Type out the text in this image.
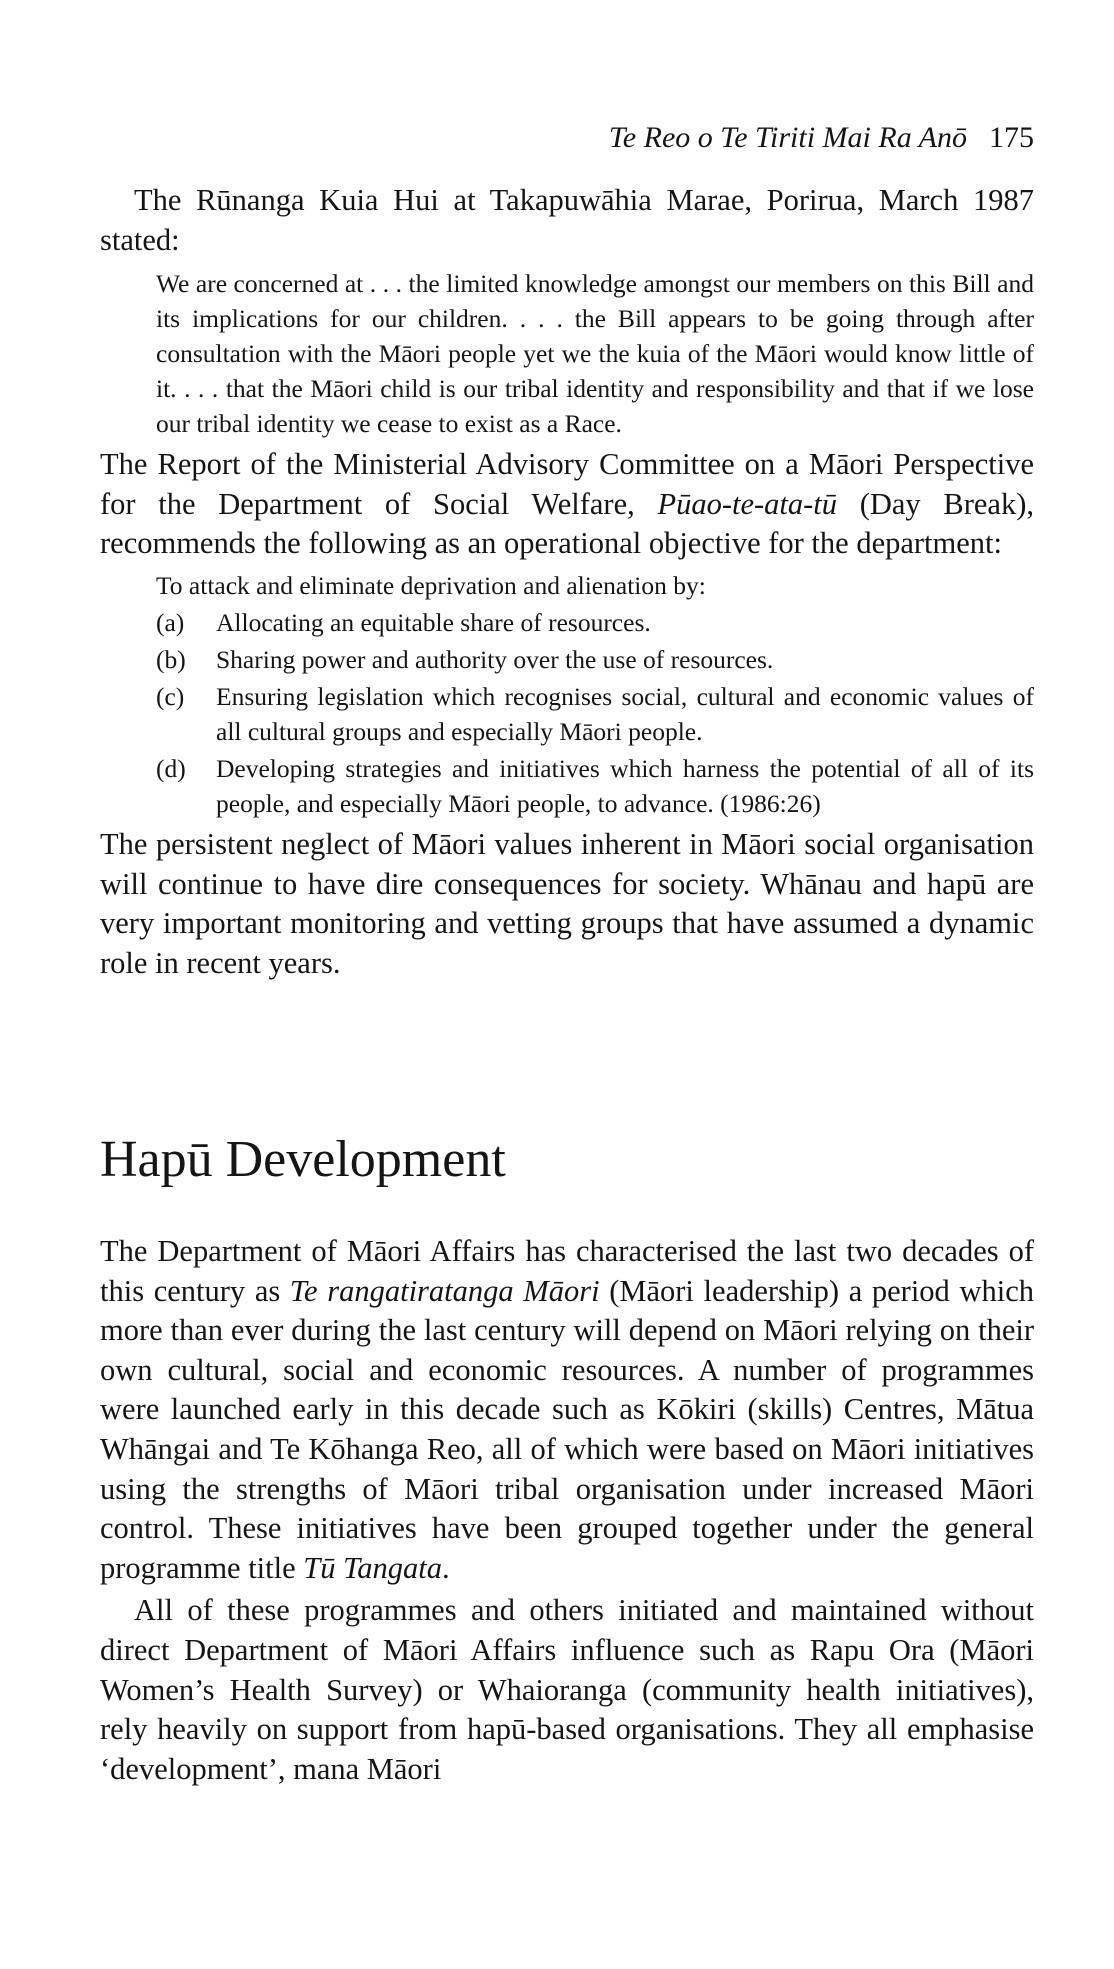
Te Reo o Te Tiriti Mai Ra Anō 175
The Rūnanga Kuia Hui at Takapuwāhia Marae, Porirua, March 1987 stated:
We are concerned at . . . the limited knowledge amongst our members on this Bill and its implications for our children. . . . the Bill appears to be going through after consultation with the Māori people yet we the kuia of the Māori would know little of it. . . . that the Māori child is our tribal identity and responsibility and that if we lose our tribal identity we cease to exist as a Race.
The Report of the Ministerial Advisory Committee on a Māori Perspective for the Department of Social Welfare, Pūao-te-ata-tū (Day Break), recommends the following as an operational objective for the department:
To attack and eliminate deprivation and alienation by:
(a)	Allocating an equitable share of resources.
(b)	Sharing power and authority over the use of resources.
(c)	Ensuring legislation which recognises social, cultural and economic values of all cultural groups and especially Māori people.
(d)	Developing strategies and initiatives which harness the potential of all of its people, and especially Māori people, to advance. (1986:26)
The persistent neglect of Māori values inherent in Māori social organisation will continue to have dire consequences for society. Whānau and hapū are very important monitoring and vetting groups that have assumed a dynamic role in recent years.
Hapū Development
The Department of Māori Affairs has characterised the last two decades of this century as Te rangatiratanga Māori (Māori leadership) a period which more than ever during the last century will depend on Māori relying on their own cultural, social and economic resources. A number of programmes were launched early in this decade such as Kōkiri (skills) Centres, Mātua Whāngai and Te Kōhanga Reo, all of which were based on Māori initiatives using the strengths of Māori tribal organisation under increased Māori control. These initiatives have been grouped together under the general programme title Tū Tangata.
All of these programmes and others initiated and maintained without direct Department of Māori Affairs influence such as Rapu Ora (Māori Women’s Health Survey) or Whaioranga (community health initiatives), rely heavily on support from hapū-based organisations. They all emphasise ‘development’, mana Māori
